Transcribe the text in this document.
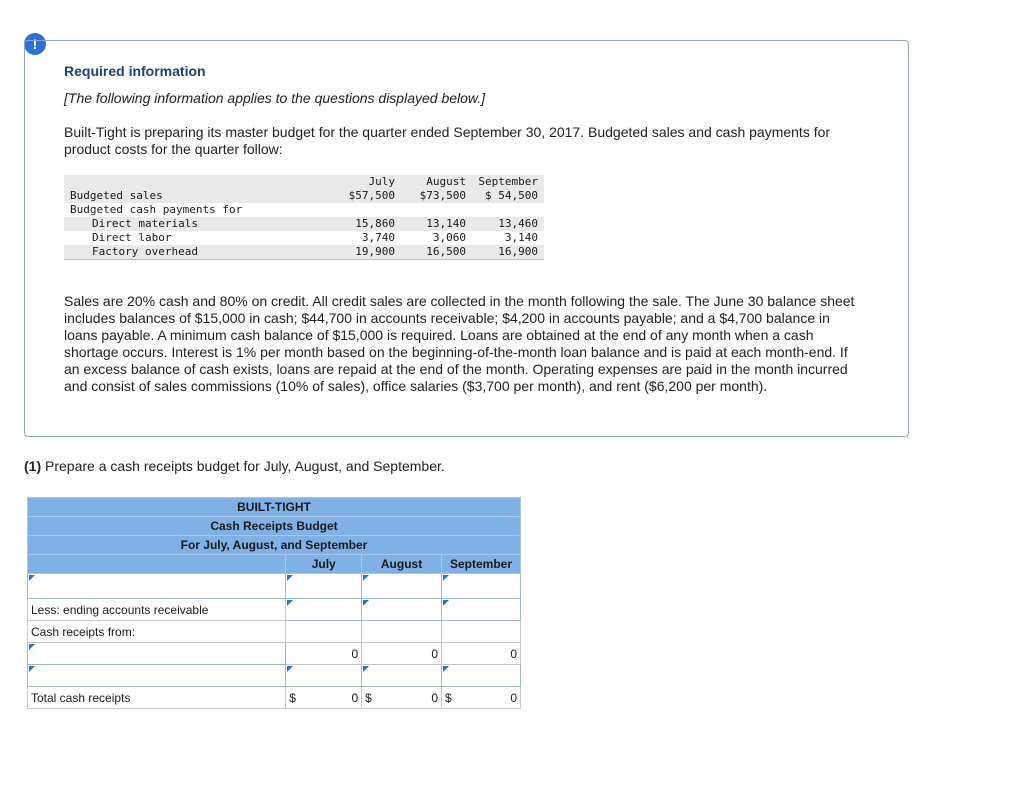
!
Required information
[The following information applies to the questions displayed below.]
Built-Tight is preparing its master budget for the quarter ended September 30, 2017. Budgeted sales and cash payments for product costs for the quarter follow:
	July	August	September
Budgeted sales	$57,500	$73,500	$ 54,500
Budgeted cash payments for			
Direct materials	15,860	13,140	13,460
Direct labor	3,740	3,060	3,140
Factory overhead	19,900	16,500	16,900
Sales are 20% cash and 80% on credit. All credit sales are collected in the month following the sale. The June 30 balance sheet includes balances of $15,000 in cash; $44,700 in accounts receivable; $4,200 in accounts payable; and a $4,700 balance in loans payable. A minimum cash balance of $15,000 is required. Loans are obtained at the end of any month when a cash shortage occurs. Interest is 1% per month based on the beginning-of-the-month loan balance and is paid at each month-end. If an excess balance of cash exists, loans are repaid at the end of the month. Operating expenses are paid in the month incurred and consist of sales commissions (10% of sales), office salaries ($3,700 per month), and rent ($6,200 per month).
(1) Prepare a cash receipts budget for July, August, and September.
BUILT-TIGHT			
Cash Receipts Budget			
For July, August, and September			
	July	August	September

Less: ending accounts receivable			
Cash receipts from:			
	0	0	0

Total cash receipts	$ 0	$ 0	$ 0
